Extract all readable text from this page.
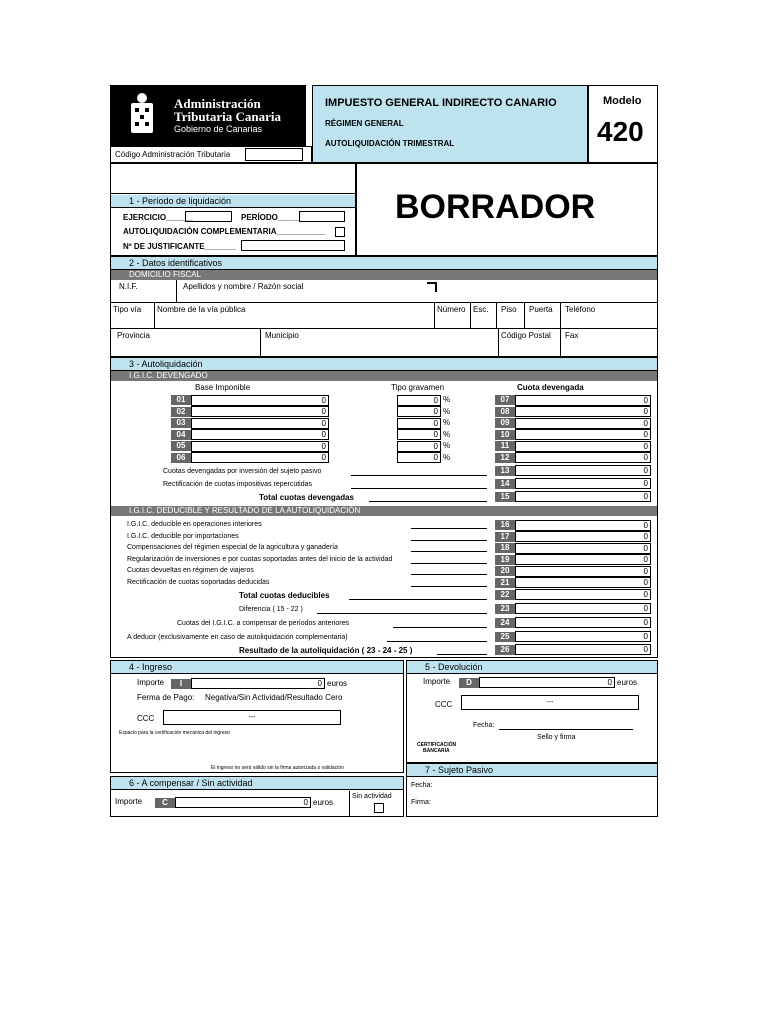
Administración
Tributaria Canaria
Gobierno de Canarias
IMPUESTO GENERAL INDIRECTO CANARIO
RÉGIMEN GENERAL
AUTOLIQUIDACIÓN TRIMESTRAL
Modelo
420
Código Administración Tributaria
1 - Período de liquidación
EJERCICIO______	PERÍODO_____
AUTOLIQUIDACIÓN COMPLEMENTARIA___________
Nº DE JUSTIFICANTE_______
BORRADOR
2 - Datos identificativos
DOMICILIO FISCAL
N.I.F.	Apellidos y nombre / Razón social
Tipo vía Nombre de la vía pública	Número Esc. Piso Puerta Teléfono
Provincia	Municipio	Código Postal Fax
3 - Autoliquidación
I.G.I.C. DEVENGADO
Base Imponible	Tipo gravamen	Cuota devengada
01	0	0 %	07	0
02	0	0 %	08	0
03	0	0 %	09	0
04	0	0 %	10	0
05	0	0 %	11	0
06	0	0 %	12	0
Cuotas devengadas por inversión del sujeto pasivo	13	0
Rectificación de cuotas impositivas repercutidas	14	0
Total cuotas devengadas	15	0
I.G.I.C. DEDUCIBLE Y RESULTADO DE LA AUTOLIQUIDACIÓN
I.G.I.C. deducible en operaciones interiores	16	0
I.G.I.C. deducible por importaciones	17	0
Compensaciones del régimen especial de la agricultura y ganadería	18	0
Regularización de inversiones e por cuotas soportadas antes del inicio de la actividad	19	0
Cuotas devueltas en régimen de viajeros	20	0
Rectificación de cuotas soportadas deducidas	21	0
Total cuotas deducibles	22	0
Diferencia ( 15 - 22 )	23	0
Cuotas del I.G.I.C. a compensar de períodos anteriores	24	0
A deducir (exclusivamente en caso de autoliquidación complementaria)	25	0
Resultado de la autoliquidación ( 23 - 24 - 25 )	26	0
4 - Ingreso
Importe	I	0 euros
Ferma de Pago: Negativa/Sin Actividad/Resultado Cero
CCC	---
Espacio para la certificación mecánica del ingreso
El ingreso no será válido sin la firma autorizada o validación
5 - Devolución
Importe	D	0 euros
CCC	---
Fecha:
Sello y firma
CERTIFICACIÓN
BANCARIA
6 - A compensar / Sin actividad
Importe	C	0 euros
Sin actividad
7 - Sujeto Pasivo
Fecha:
Firma:
